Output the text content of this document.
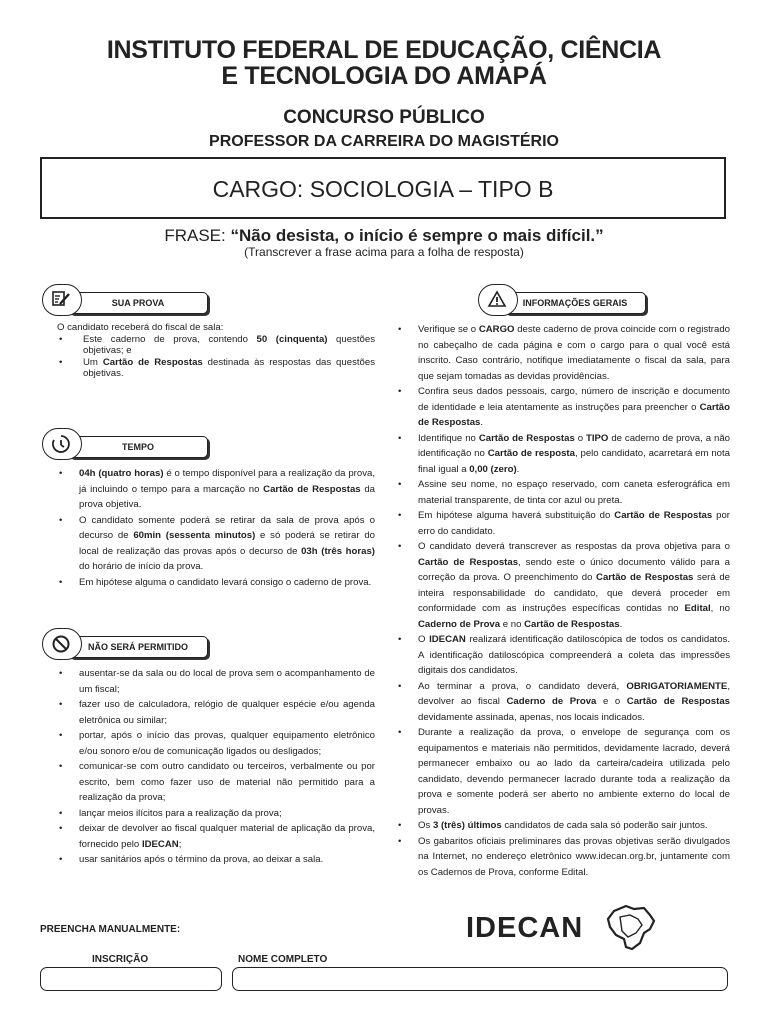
INSTITUTO FEDERAL DE EDUCAÇÃO, CIÊNCIA
E TECNOLOGIA DO AMAPÁ
CONCURSO PÚBLICO
PROFESSOR DA CARREIRA DO MAGISTÉRIO
CARGO: SOCIOLOGIA – TIPO B
FRASE: “Não desista, o início é sempre o mais difícil.”
(Transcrever a frase acima para a folha de resposta)
SUA PROVA
O candidato receberá do fiscal de sala:
• Este caderno de prova, contendo 50 (cinquenta) questões objetivas; e
• Um Cartão de Respostas destinada às respostas das questões objetivas.
TEMPO
• 04h (quatro horas) é o tempo disponível para a realização da prova, já incluindo o tempo para a marcação no Cartão de Respostas da prova objetiva.
• O candidato somente poderá se retirar da sala de prova após o decurso de 60min (sessenta minutos) e só poderá se retirar do local de realização das provas após o decurso de 03h (três horas) do horário de início da prova.
• Em hipótese alguma o candidato levará consigo o caderno de prova.
NÃO SERÁ PERMITIDO
• ausentar-se da sala ou do local de prova sem o acompanhamento de um fiscal;
• fazer uso de calculadora, relógio de qualquer espécie e/ou agenda eletrônica ou similar;
• portar, após o início das provas, qualquer equipamento eletrônico e/ou sonoro e/ou de comunicação ligados ou desligados;
• comunicar-se com outro candidato ou terceiros, verbalmente ou por escrito, bem como fazer uso de material não permitido para a realização da prova;
• lançar meios ilícitos para a realização da prova;
• deixar de devolver ao fiscal qualquer material de aplicação da prova, fornecido pelo IDECAN;
• usar sanitários após o término da prova, ao deixar a sala.
INFORMAÇÕES GERAIS
• Verifique se o CARGO deste caderno de prova coincide com o registrado no cabeçalho de cada página e com o cargo para o qual você está inscrito. Caso contrário, notifique imediatamente o fiscal da sala, para que sejam tomadas as devidas providências.
• Confira seus dados pessoais, cargo, número de inscrição e documento de identidade e leia atentamente as instruções para preencher o Cartão de Respostas.
• Identifique no Cartão de Respostas o TIPO de caderno de prova, a não identificação no Cartão de resposta, pelo candidato, acarretará em nota final igual a 0,00 (zero).
• Assine seu nome, no espaço reservado, com caneta esferográfica em material transparente, de tinta cor azul ou preta.
• Em hipótese alguma haverá substituição do Cartão de Respostas por erro do candidato.
• O candidato deverá transcrever as respostas da prova objetiva para o Cartão de Respostas, sendo este o único documento válido para a correção da prova. O preenchimento do Cartão de Respostas será de inteira responsabilidade do candidato, que deverá proceder em conformidade com as instruções específicas contidas no Edital, no Caderno de Prova e no Cartão de Respostas.
• O IDECAN realizará identificação datiloscópica de todos os candidatos. A identificação datiloscópica compreenderá a coleta das impressões digitais dos candidatos.
• Ao terminar a prova, o candidato deverá, OBRIGATORIAMENTE, devolver ao fiscal Caderno de Prova e o Cartão de Respostas devidamente assinada, apenas, nos locais indicados.
• Durante a realização da prova, o envelope de segurança com os equipamentos e materiais não permitidos, devidamente lacrado, deverá permanecer embaixo ou ao lado da carteira/cadeira utilizada pelo candidato, devendo permanecer lacrado durante toda a realização da prova e somente poderá ser aberto no ambiente externo do local de provas.
• Os 3 (três) últimos candidatos de cada sala só poderão sair juntos.
• Os gabaritos oficiais preliminares das provas objetivas serão divulgados na Internet, no endereço eletrônico www.idecan.org.br, juntamente com os Cadernos de Prova, conforme Edital.
PREENCHA MANUALMENTE:
INSCRIÇÃO	NOME COMPLETO
IDECAN
